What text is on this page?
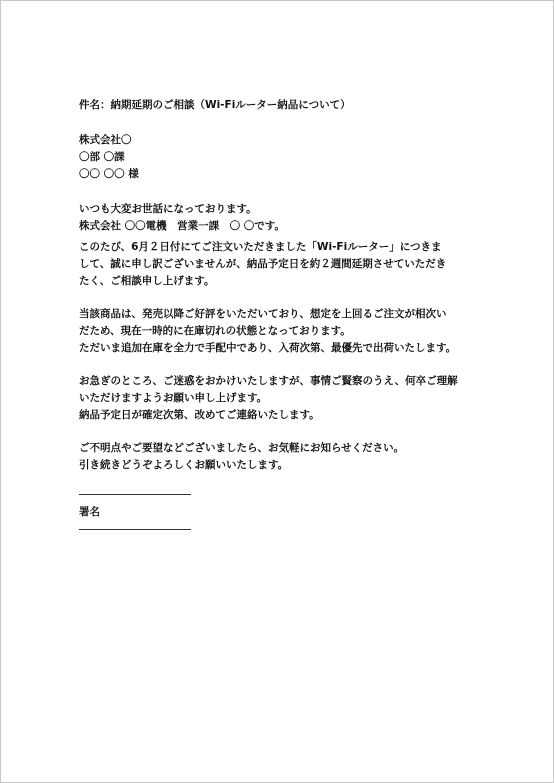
件名：納期延期のご相談（Wi-Fiルーター納品について）
株式会社〇
〇部 〇課
〇〇 〇〇 様
いつも大変お世話になっております。
株式会社 〇〇電機　営業一課　〇 〇です。
このたび、6月２日付にてご注文いただきました「Wi-Fiルーター」につきま
して、誠に申し訳ございませんが、納品予定日を約２週間延期させていただき
たく、ご相談申し上げます。
当該商品は、発売以降ご好評をいただいており、想定を上回るご注文が相次い
だため、現在一時的に在庫切れの状態となっております。
ただいま追加在庫を全力で手配中であり、入荷次第、最優先で出荷いたします。
お急ぎのところ、ご迷惑をおかけいたしますが、事情ご賢察のうえ、何卒ご理解
いただけますようお願い申し上げます。
納品予定日が確定次第、改めてご連絡いたします。
ご不明点やご要望などございましたら、お気軽にお知らせください。
引き続きどうぞよろしくお願いいたします。
署名
